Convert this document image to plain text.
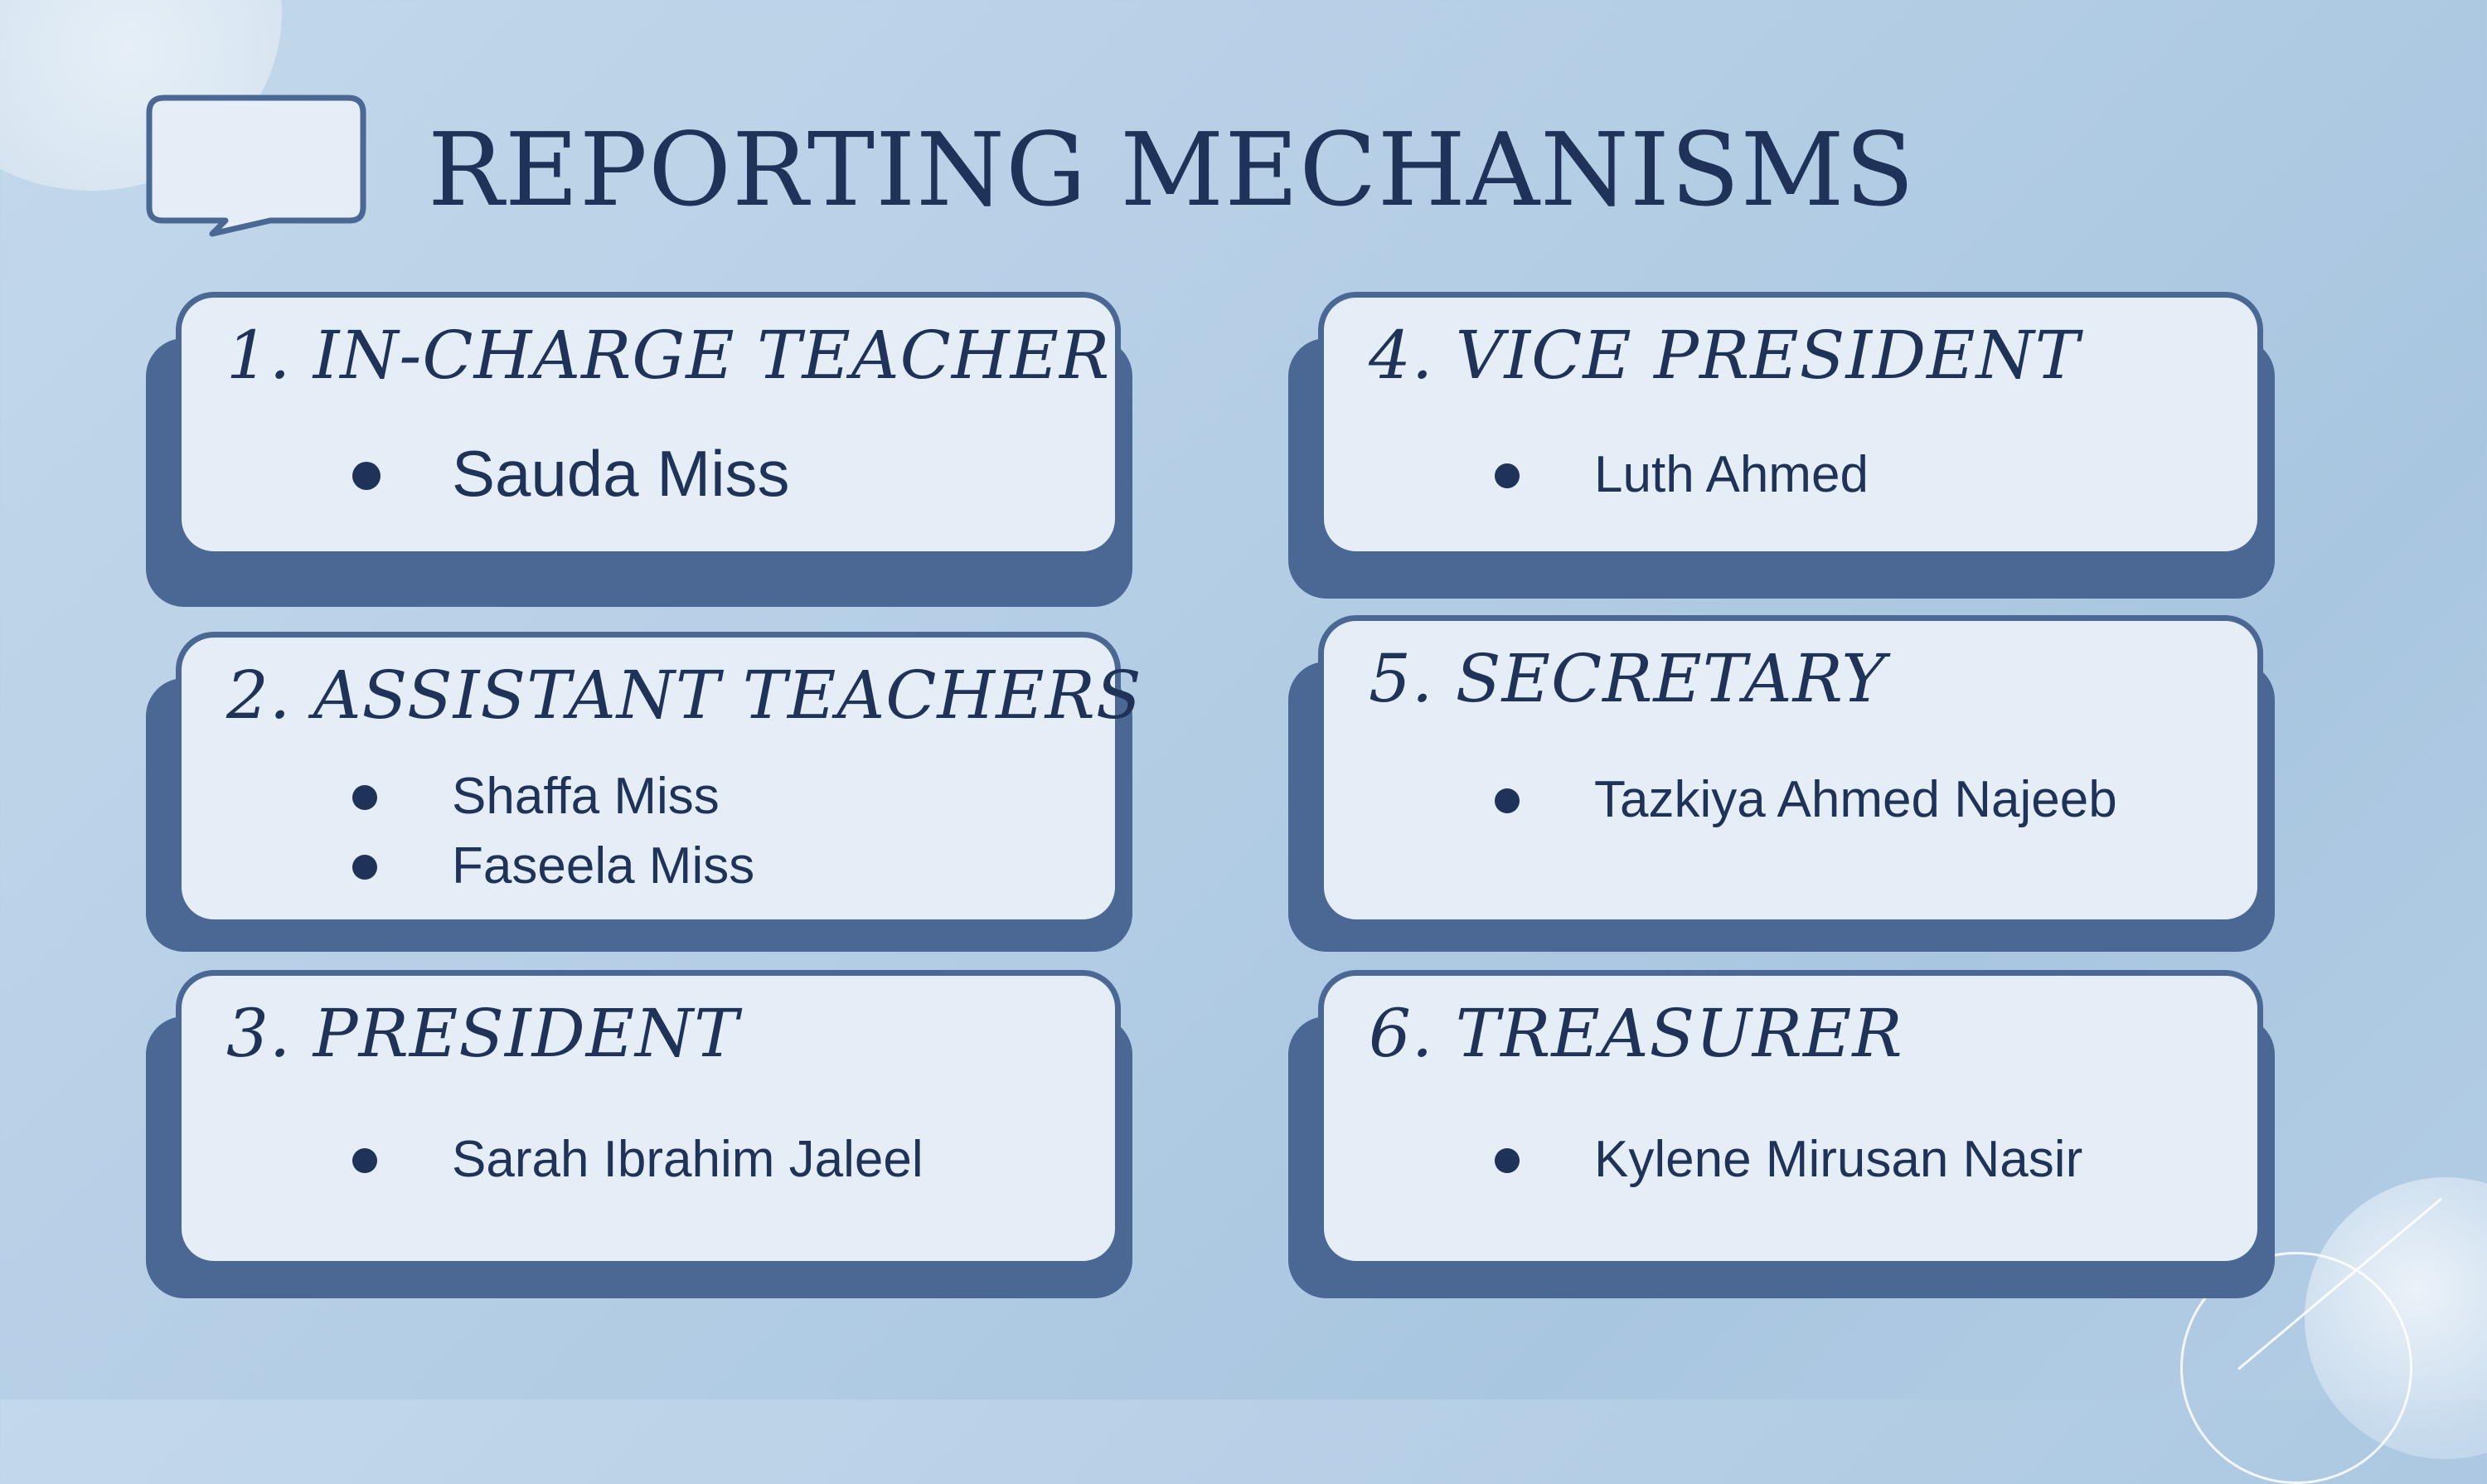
REPORTING MECHANISMS
1. IN-CHARGE TEACHER
Sauda Miss
2. ASSISTANT TEACHERS
Shaffa Miss
Faseela Miss
3. PRESIDENT
Sarah Ibrahim Jaleel
4. VICE PRESIDENT
Luth Ahmed
5. SECRETARY
Tazkiya Ahmed Najeeb
6. TREASURER
Kylene Mirusan Nasir
